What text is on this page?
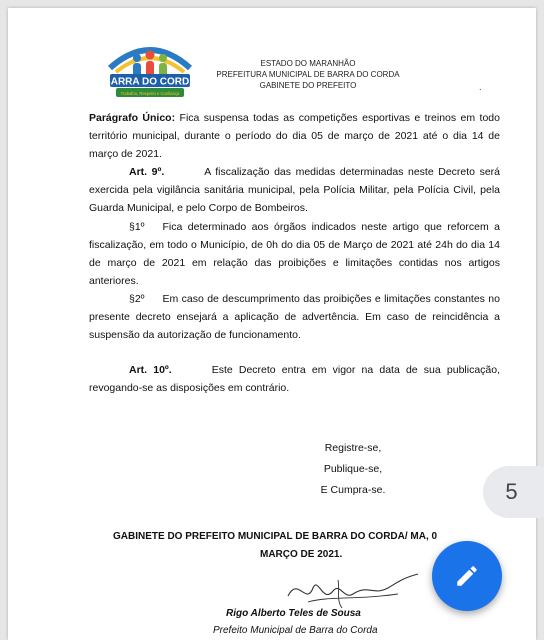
BARRA DO CORDA
Trabalho, Respeito e Confiança
ESTADO DO MARANHÃO
PREFEITURA MUNICIPAL DE BARRA DO CORDA
GABINETE DO PREFEITO	.
Parágrafo Único: Fica suspensa todas as competições esportivas e treinos em todo território municipal, durante o período do dia 05 de março de 2021 até o dia 14 de março de 2021.
Art. 9º.	A fiscalização das medidas determinadas neste Decreto será exercida pela vigilância sanitária municipal, pela Polícia Militar, pela Polícia Civil, pela Guarda Municipal, e pelo Corpo de Bombeiros.
§1º Fica determinado aos órgãos indicados neste artigo que reforcem a fiscalização, em todo o Município, de 0h do dia 05 de Março de 2021 até 24h do dia 14 de março de 2021 em relação das proibições e limitações contidas nos artigos anteriores.
§2º Em caso de descumprimento das proibições e limitações constantes no presente decreto ensejará a aplicação de advertência. Em caso de reincidência a suspensão da autorização de funcionamento.
Art. 10º.	Este Decreto entra em vigor na data de sua publicação, revogando-se as disposições em contrário.
Registre-se,
Publique-se,
E Cumpra-se.
GABINETE DO PREFEITO MUNICIPAL DE BARRA DO CORDA/ MA, 0
MARÇO DE 2021.
Rigo Alberto Teles de Sousa
Prefeito Municipal de Barra do Corda
5
